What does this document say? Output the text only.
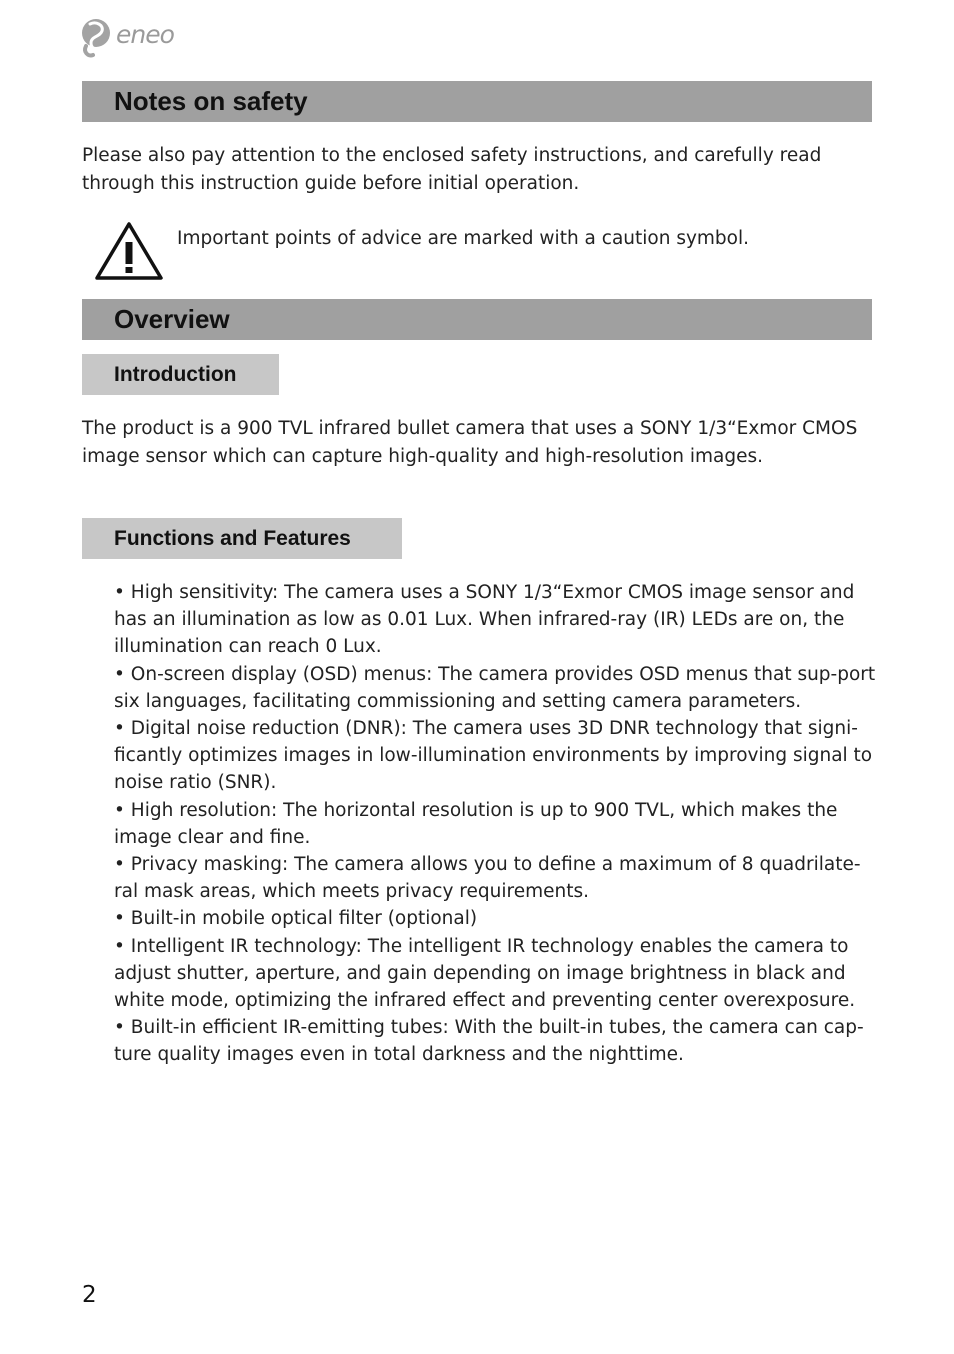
eneo
Notes on safety

Please also pay attention to the enclosed safety instructions, and carefully read through this instruction guide before initial operation.

Important points of advice are marked with a caution symbol.

Overview
Introduction

The product is a 900 TVL infrared bullet camera that uses a SONY 1/3“Exmor CMOS image sensor which can capture high-quality and high-resolution images.

Functions and Features
• High sensitivity: The camera uses a SONY 1/3“Exmor CMOS image sensor and has an illumination as low as 0.01 Lux. When infrared-ray (IR) LEDs are on, the illumination can reach 0 Lux.
• On-screen display (OSD) menus: The camera provides OSD menus that sup-port six languages, facilitating commissioning and setting camera parameters.
• Digital noise reduction (DNR): The camera uses 3D DNR technology that signi-ficantly optimizes images in low-illumination environments by improving signal to noise ratio (SNR).
• High resolution: The horizontal resolution is up to 900 TVL, which makes the image clear and fine.
• Privacy masking: The camera allows you to define a maximum of 8 quadrilate-ral mask areas, which meets privacy requirements.
• Built-in mobile optical filter (optional)
• Intelligent IR technology: The intelligent IR technology enables the camera to adjust shutter, aperture, and gain depending on image brightness in black and white mode, optimizing the infrared effect and preventing center overexposure.
• Built-in efficient IR-emitting tubes: With the built-in tubes, the camera can cap-ture quality images even in total darkness and the nighttime.
2
